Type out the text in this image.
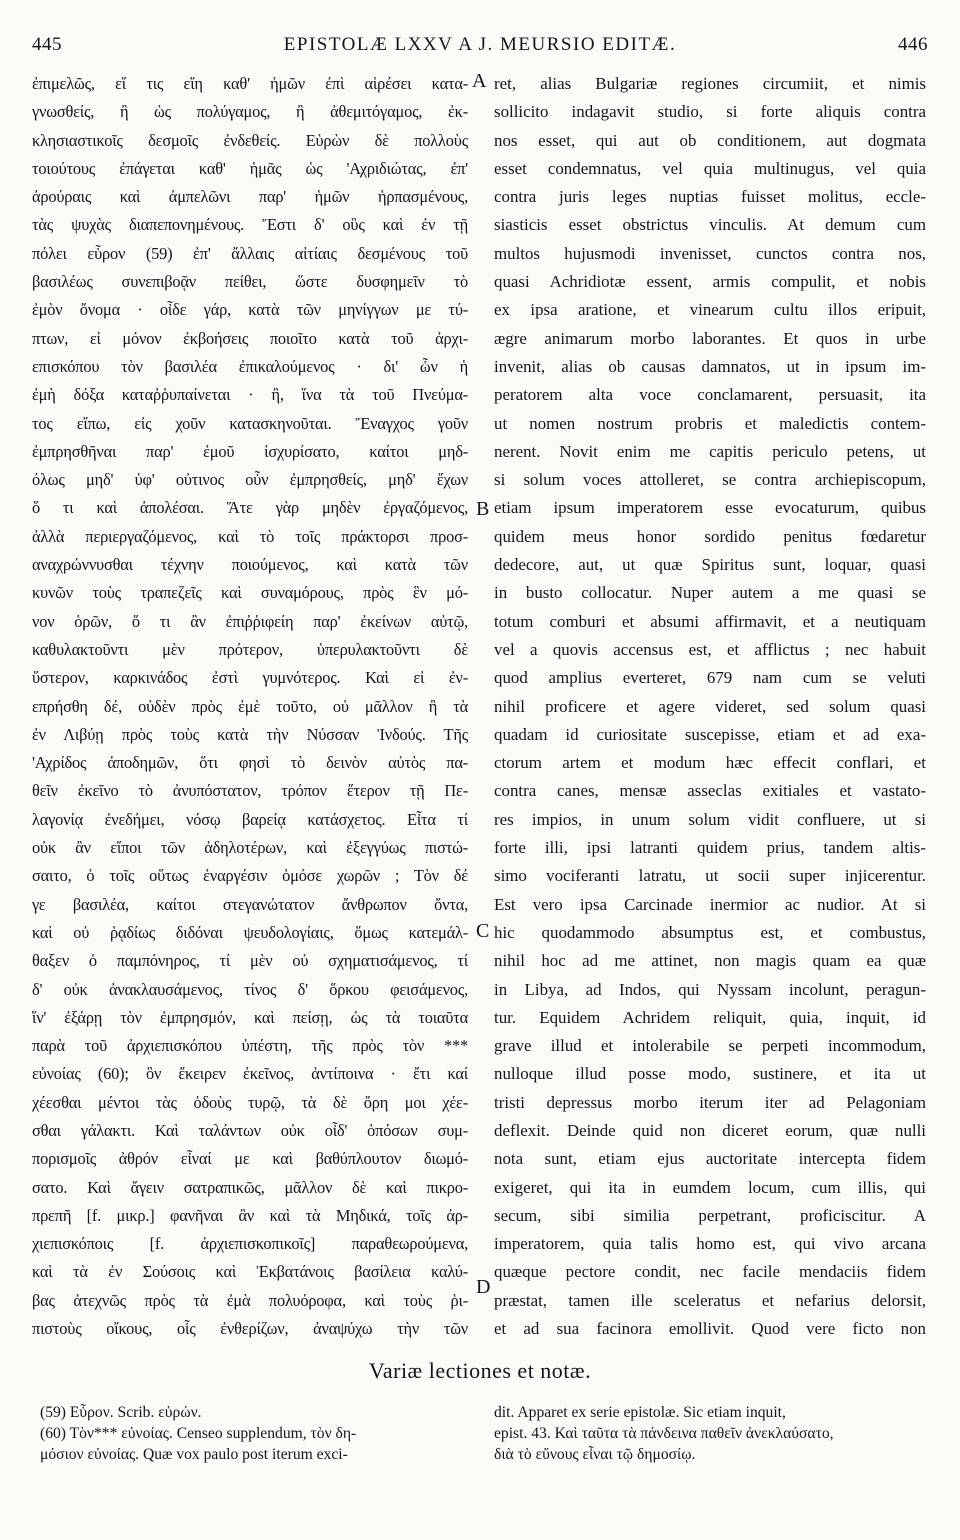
445	EPISTOLÆ LXXV A J. MEURSIO EDITÆ.	446
ἐπιμελῶς, εἴ τις εἴη καθ' ἡμῶν ἐπὶ αἱρέσει κατα-
γνωσθείς, ἢ ὡς πολύγαμος, ἢ ἀθεμιτόγαμος, ἐκ-
κλησιαστικοῖς δεσμοῖς ἐνδεθείς. Εὑρὼν δὲ πολλοὺς
τοιούτους ἐπάγεται καθ' ἡμᾶς ὡς 'Αχριδιώτας, ἐπ'
ἀρούραις καὶ ἀμπελῶνι παρ' ἡμῶν ἡρπασμένους,
τὰς ψυχὰς διαπεπονημένους. Ἔστι δ' οὓς καὶ ἐν τῇ
πόλει εὗρον (59) ἐπ' ἄλλαις αἰτίαις δεσμένους τοῦ
βασιλέως συνεπιβοᾷν πείθει, ὥστε δυσφημεῖν τὸ
ἐμὸν ὄνομα · οἶδε γάρ, κατὰ τῶν μηνίγγων με τύ-
πτων, εἰ μόνον ἐκβοήσεις ποιοῖτο κατὰ τοῦ ἀρχι-
επισκόπου τὸν βασιλέα ἐπικαλούμενος · δι' ὧν ἡ
ἐμὴ δόξα καταῤῥυπαίνεται · ἢ, ἵνα τὰ τοῦ Πνεύμα-
τος εἴπω, εἰς χοῦν κατασκηνοῦται. Ἔναγχος γοῦν
ἐμπρησθῆναι παρ' ἐμοῦ ἰσχυρίσατο, καίτοι μηδ-
όλως μηδ' ὑφ' οὐτινος οὖν ἐμπρησθείς, μηδ' ἔχων
ὅ τι καὶ ἀπολέσαι. Ἅτε γὰρ μηδὲν ἐργαζόμενος,
ἀλλὰ περιεργαζόμενος, καὶ τὸ τοῖς πράκτορσι προσ-
αναχρώννυσθαι τέχνην ποιούμενος, καὶ κατὰ τῶν
κυνῶν τοὺς τραπεζεῖς καὶ συναμόρους, πρὸς ἓν μό-
νον ὁρῶν, ὅ τι ἂν ἐπιῤῥιφείη παρ' ἐκείνων αὐτῷ,
καθυλακτοῦντι μὲν πρότερον, ὑπερυλακτοῦντι δὲ
ὕστερον, καρκινάδος ἐστὶ γυμνότερος. Καὶ εἰ ἐν-
επρήσθη δέ, οὐδὲν πρὸς ἐμὲ τοῦτο, οὐ μᾶλλον ἢ τὰ
ἐν Λιβύῃ πρὸς τοὺς κατὰ τὴν Νύσσαν Ἰνδούς. Τῆς
'Αχρίδος ἀποδημῶν, ὅτι φησὶ τὸ δεινὸν αὐτὸς πα-
θεῖν ἐκεῖνο τὸ ἀνυπόστατον, τρόπον ἕτερον τῇ Πε-
λαγονίᾳ ἐνεδήμει, νόσῳ βαρείᾳ κατάσχετος. Εἶτα τί
οὐκ ἂν εἴποι τῶν ἀδηλοτέρων, καὶ ἐξεγγύως πιστώ-
σαιτο, ὁ τοῖς οὕτως ἐναργέσιν ὁμόσε χωρῶν ; Τὸν δέ
γε βασιλέα, καίτοι στεγανώτατον ἄνθρωπον ὄντα,
καὶ οὐ ῥᾳδίως διδόναι ψευδολογίαις, ὅμως κατεμάλ-
θαξεν ὁ παμπόνηρος, τί μὲν οὐ σχηματισάμενος, τί
δ' οὐκ ἀνακλαυσάμενος, τίνος δ' ὅρκου φεισάμενος,
ἵν' ἐξάρῃ τὸν ἐμπρησμόν, καὶ πείσῃ, ὡς τὰ τοιαῦτα
παρὰ τοῦ ἀρχιεπισκόπου ὑπέστη, τῆς πρὸς τὸν ***
εὐνοίας (60); ὃν ἔκειρεν ἐκεῖνος, ἀντίποινα · ἔτι καί
χέεσθαι μέντοι τὰς ὁδοὺς τυρῷ, τὰ δὲ ὄρη μοι χέε-
σθαι γάλακτι. Καὶ ταλάντων οὐκ οἶδ' ὁπόσων συμ-
πορισμοῖς ἀθρόν εἶναί με καὶ βαθύπλουτον διωμό-
σατο. Καὶ ἄγειν σατραπικῶς, μᾶλλον δὲ καὶ πικρο-
πρεπῆ [f. μικρ.] φανῆναι ἂν καὶ τὰ Μηδικά, τοῖς ἀρ-
χιεπισκόποις [f. ἀρχιεπισκοπικοῖς] παραθεωρούμενα,
καὶ τὰ ἐν Σούσοις καὶ Ἐκβατάνοις βασίλεια καλύ-
βας ἀτεχνῶς πρὸς τὰ ἐμὰ πολυόροφα, καὶ τοὺς ῥι-
πιστοὺς οἴκους, οἷς ἐνθερίζων, ἀναψύχω τὴν τῶν
ret, alias Bulgariæ regiones circumiit, et nimis
sollicito indagavit studio, si forte aliquis contra
nos esset, qui aut ob conditionem, aut dogmata
esset condemnatus, vel quia multinugus, vel quia
contra juris leges nuptias fuisset molitus, eccle-
siasticis esset obstrictus vinculis. At demum cum
multos hujusmodi invenisset, cunctos contra nos,
quasi Achridiotæ essent, armis compulit, et nobis
ex ipsa aratione, et vinearum cultu illos eripuit,
ægre animarum morbo laborantes. Et quos in urbe
invenit, alias ob causas damnatos, ut in ipsum im-
peratorem alta voce conclamarent, persuasit, ita
ut nomen nostrum probris et maledictis contem-
nerent. Novit enim me capitis periculo petens, ut
si solum voces attolleret, se contra archiepiscopum,
etiam ipsum imperatorem esse evocaturum, quibus
quidem meus honor sordido penitus fœdaretur
dedecore, aut, ut quæ Spiritus sunt, loquar, quasi
in busto collocatur. Nuper autem a me quasi se
totum comburi et absumi affirmavit, et a neutiquam
vel a quovis accensus est, et afflictus ; nec habuit
quod amplius everteret, 679 nam cum se veluti
nihil proficere et agere videret, sed solum quasi
quadam id curiositate suscepisse, etiam et ad exa-
ctorum artem et modum hæc effecit conflari, et
contra canes, mensæ asseclas exitiales et vastato-
res impios, in unum solum vidit confluere, ut si
forte illi, ipsi latranti quidem prius, tandem altis-
simo vociferanti latratu, ut socii super injicerentur.
Est vero ipsa Carcinade inermior ac nudior. At si
hic quodammodo absumptus est, et combustus,
nihil hoc ad me attinet, non magis quam ea quæ
in Libya, ad Indos, qui Nyssam incolunt, peragun-
tur. Equidem Achridem reliquit, quia, inquit, id
grave illud et intolerabile se perpeti incommodum,
nulloque illud posse modo, sustinere, et ita ut
tristi depressus morbo iterum iter ad Pelagoniam
deflexit. Deinde quid non diceret eorum, quæ nulli
nota sunt, etiam ejus auctoritate intercepta fidem
exigeret, qui ita in eumdem locum, cum illis, qui
secum, sibi similia perpetrant, proficiscitur. A
imperatorem, quia talis homo est, qui vivo arcana
quæque pectore condit, nec facile mendaciis fidem
præstat, tamen ille sceleratus et nefarius delorsit,
et ad sua facinora emollivit. Quod vere ficto non
A
B
C
D
Variæ lectiones et notæ.
(59) Εὗρον. Scrib. εὑρών.
(60) Τὸν*** εὐνοίας. Censeo supplendum, τὸν δη-
μόσιον εὐνοίας. Quæ vox paulo post iterum exci-
dit. Apparet ex serie epistolæ. Sic etiam inquit,
epist. 43. Καὶ ταῦτα τὰ πάνδεινα παθεῖν ἀνεκλαύσατο,
διὰ τὸ εὔνους εἶναι τῷ δημοσίῳ.
